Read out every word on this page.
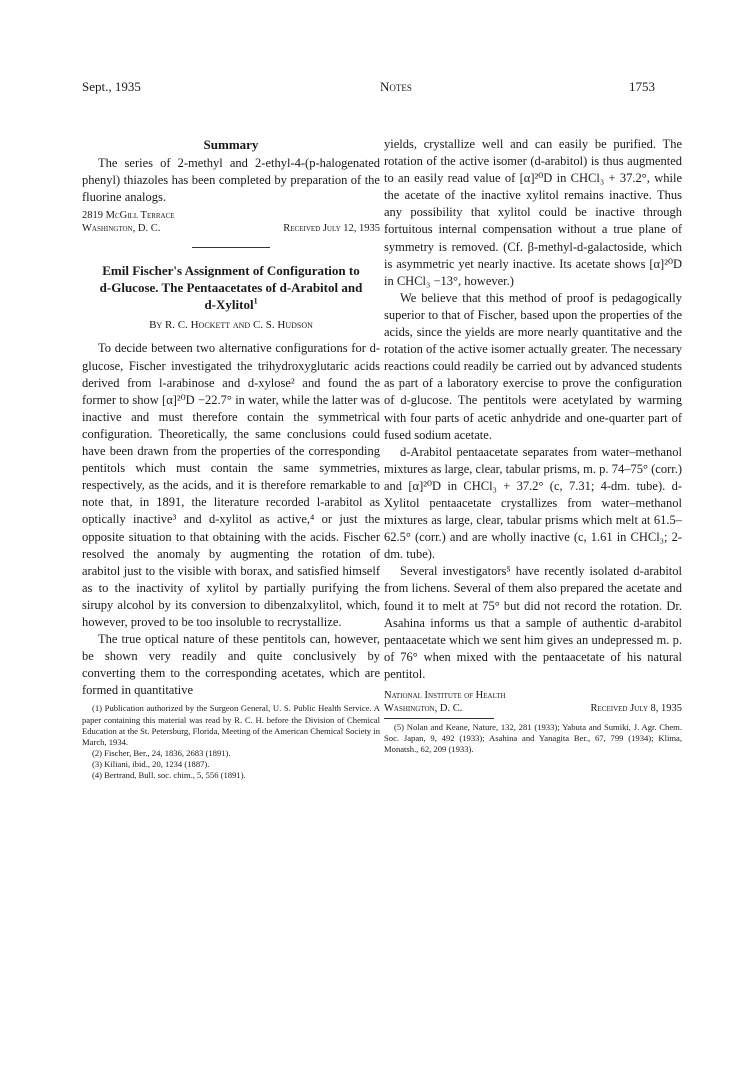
Sept., 1935	Notes	1753
Summary

The series of 2-methyl and 2-ethyl-4-(p-halogenated phenyl) thiazoles has been completed by preparation of the fluorine analogs.

2819 McGill Terrace
Washington, D. C.	Received July 12, 1935
Emil Fischer's Assignment of Configuration to
d-Glucose. The Pentaacetates of d-Arabitol and
d-Xylitol$^1$
By R. C. Hockett and C. S. Hudson

To decide between two alternative configurations for d-glucose, Fischer investigated the trihydroxyglutaric acids derived from l-arabinose and d-xylose² and found the former to show [α]²⁰D −22.7° in water, while the latter was inactive and must therefore contain the symmetrical configuration. Theoretically, the same conclusions could have been drawn from the properties of the corresponding pentitols which must contain the same symmetries, respectively, as the acids, and it is therefore remarkable to note that, in 1891, the literature recorded l-arabitol as optically inactive³ and d-xylitol as active,⁴ or just the opposite situation to that obtaining with the acids. Fischer resolved the anomaly by augmenting the rotation of arabitol just to the visible with borax, and satisfied himself as to the inactivity of xylitol by partially purifying the sirupy alcohol by its conversion to dibenzalxylitol, which, however, proved to be too insoluble to recrystallize.

The true optical nature of these pentitols can, however, be shown very readily and quite conclusively by converting them to the corresponding acetates, which are formed in quantitative

(1) Publication authorized by the Surgeon General, U. S. Public Health Service. A paper containing this material was read by R. C. H. before the Division of Chemical Education at the St. Petersburg, Florida, Meeting of the American Chemical Society in March, 1934.
(2) Fischer, Ber., 24, 1836, 2683 (1891).
(3) Kiliani, ibid., 20, 1234 (1887).
(4) Bertrand, Bull. soc. chim., 5, 556 (1891).

yields, crystallize well and can easily be purified. The rotation of the active isomer (d-arabitol) is thus augmented to an easily read value of [α]²⁰D in CHCl₃ + 37.2°, while the acetate of the inactive xylitol remains inactive. Thus any possibility that xylitol could be inactive through fortuitous internal compensation without a true plane of symmetry is removed. (Cf. β-methyl-d-galactoside, which is asymmetric yet nearly inactive. Its acetate shows [α]²⁰D in CHCl₃ −13°, however.)

We believe that this method of proof is pedagogically superior to that of Fischer, based upon the properties of the acids, since the yields are more nearly quantitative and the rotation of the active isomer actually greater. The necessary reactions could readily be carried out by advanced students as part of a laboratory exercise to prove the configuration of d-glucose. The pentitols were acetylated by warming with four parts of acetic anhydride and one-quarter part of fused sodium acetate.

d-Arabitol pentaacetate separates from water–methanol mixtures as large, clear, tabular prisms, m. p. 74–75° (corr.) and [α]²⁰D in CHCl₃ + 37.2° (c, 7.31; 4-dm. tube). d-Xylitol pentaacetate crystallizes from water–methanol mixtures as large, clear, tabular prisms which melt at 61.5–62.5° (corr.) and are wholly inactive (c, 1.61 in CHCl₃; 2-dm. tube).

Several investigators⁵ have recently isolated d-arabitol from lichens. Several of them also prepared the acetate and found it to melt at 75° but did not record the rotation. Dr. Asahina informs us that a sample of authentic d-arabitol pentaacetate which we sent him gives an undepressed m. p. of 76° when mixed with the pentaacetate of his natural pentitol.

National Institute of Health
Washington, D. C.	Received July 8, 1935
(5) Nolan and Keane, Nature, 132, 281 (1933); Yabuta and Sumiki, J. Agr. Chem. Soc. Japan, 9, 492 (1933); Asahina and Yanagita Ber., 67, 799 (1934); Klima, Monatsh., 62, 209 (1933).
